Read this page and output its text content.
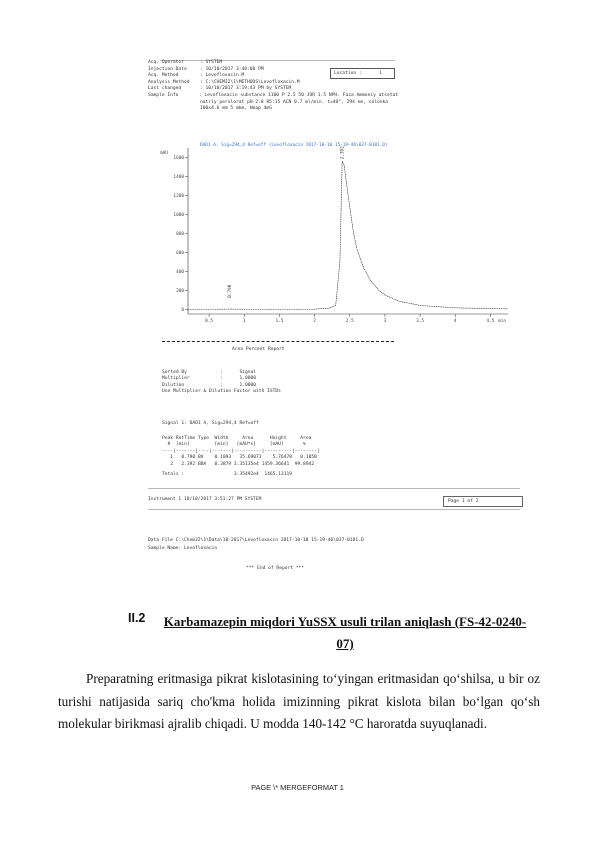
Acq. Operator	: SYSTEM
Injection Date	: 10/10/2017 3:48:08 PM
Acq. Method	: Levofloxacin.M
Analysis Method	: C:\CHEM32\1\METHODS\Levofloxacin.M
Last changed	: 10/10/2017 3:19:43 PM by SYSTEM
Sample Info	: Levofloxacin substance 1100 P 2.5 50 JOR 1.5 NPH. Faza Ammoniy atsetat
natriy perxlorat pH-2.8 85:15 ACN 0.7 ml/min. t=40°, 294 nm, colonka
100x4.6 mm 5 mkm, Hmap 4mG
Location :	1
DAD1 A, Sig=294,4 Ref=off (Levofloxacin 2017-10-10 15-19-46\037-0101.D)
mAU
0
200
400
600
800
1000
1200
1400
1600
0.5	1	1.5	2	2.5	3	3.5	4	4.5 min
0.790
2.392
Area Percent Report
Sorted By            :      Signal
Multiplier           :      1.0000
Dilution             :      1.0000
Use Multiplier & Dilution Factor with ISTDs
Signal 1: DAD1 A, Sig=294,4 Ref=off
Peak RetTime Type  Width     Area      Height     Area
#  [min]         [min]   [mAU*s]     [mAU]       %
----|-------|----|-------|----------|----------|--------|
1   0.790 BV    0.1093   35.69073    5.76478   0.1058
2   2.392 BBA   0.3879 3.35135e4 1459.36641  99.8942
Totals :                  3.35492e4  1465.13119
Instrument 1 10/10/2017 3:51:27 PM SYSTEM	Page 1 of 2
Data File C:\Chem32\1\Data\10-2017\Levofloxacin 2017-10-10 15-19-46\037-0101.D
Sample Name: Levofloxacin
*** End of Report ***
II.2 Karbamazepin miqdori YuSSX usuli trilan aniqlash (FS-42-0240-07)
Preparatning eritmasiga pikrat kislotasining to‘yingan eritmasidan qo‘shilsa, u bir oz turishi natijasida sariq cho'kma holida imizinning pikrat kislota bilan bo‘lgan qo‘sh molekular birikmasi ajralib chiqadi. U modda 140-142 °C haroratda suyuqlanadi.
PAGE \* MERGEFORMAT 1
